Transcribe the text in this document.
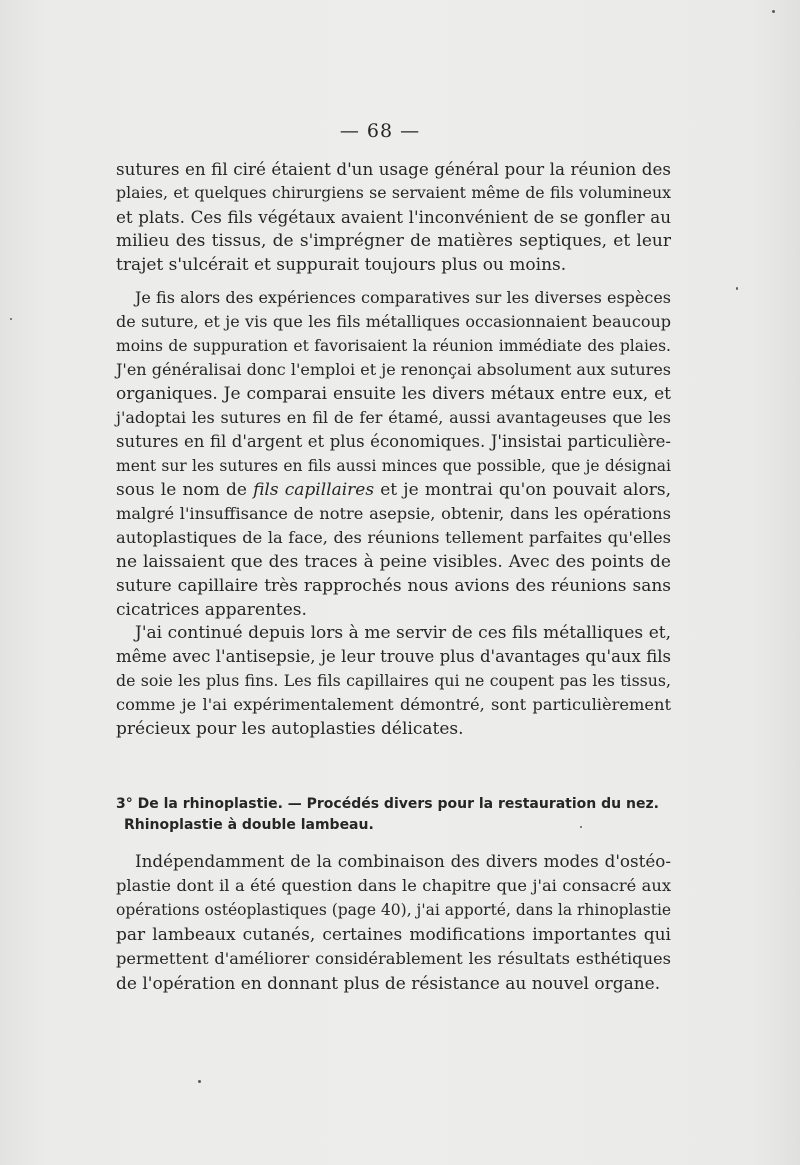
— 68 —
sutures en fil ciré étaient d'un usage général pour la réunion des
plaies, et quelques chirurgiens se servaient même de fils volumineux
et plats. Ces fils végétaux avaient l'inconvénient de se gonfler au
milieu des tissus, de s'imprégner de matières septiques, et leur
trajet s'ulcérait et suppurait toujours plus ou moins.
Je fis alors des expériences comparatives sur les diverses espèces
de suture, et je vis que les fils métalliques occasionnaient beaucoup
moins de suppuration et favorisaient la réunion immédiate des plaies.
J'en généralisai donc l'emploi et je renonçai absolument aux sutures
organiques. Je comparai ensuite les divers métaux entre eux, et
j'adoptai les sutures en fil de fer étamé, aussi avantageuses que les
sutures en fil d'argent et plus économiques. J'insistai particulière-
ment sur les sutures en fils aussi minces que possible, que je désignai
sous le nom de fils capillaires et je montrai qu'on pouvait alors,
malgré l'insuffisance de notre asepsie, obtenir, dans les opérations
autoplastiques de la face, des réunions tellement parfaites qu'elles
ne laissaient que des traces à peine visibles. Avec des points de
suture capillaire très rapprochés nous avions des réunions sans
cicatrices apparentes.
J'ai continué depuis lors à me servir de ces fils métalliques et,
même avec l'antisepsie, je leur trouve plus d'avantages qu'aux fils
de soie les plus fins. Les fils capillaires qui ne coupent pas les tissus,
comme je l'ai expérimentalement démontré, sont particulièrement
précieux pour les autoplasties délicates.
3° De la rhinoplastie. — Procédés divers pour la restauration du nez.
Rhinoplastie à double lambeau.
Indépendamment de la combinaison des divers modes d'ostéo-
plastie dont il a été question dans le chapitre que j'ai consacré aux
opérations ostéoplastiques (page 40), j'ai apporté, dans la rhinoplastie
par lambeaux cutanés, certaines modifications importantes qui
permettent d'améliorer considérablement les résultats esthétiques
de l'opération en donnant plus de résistance au nouvel organe.
